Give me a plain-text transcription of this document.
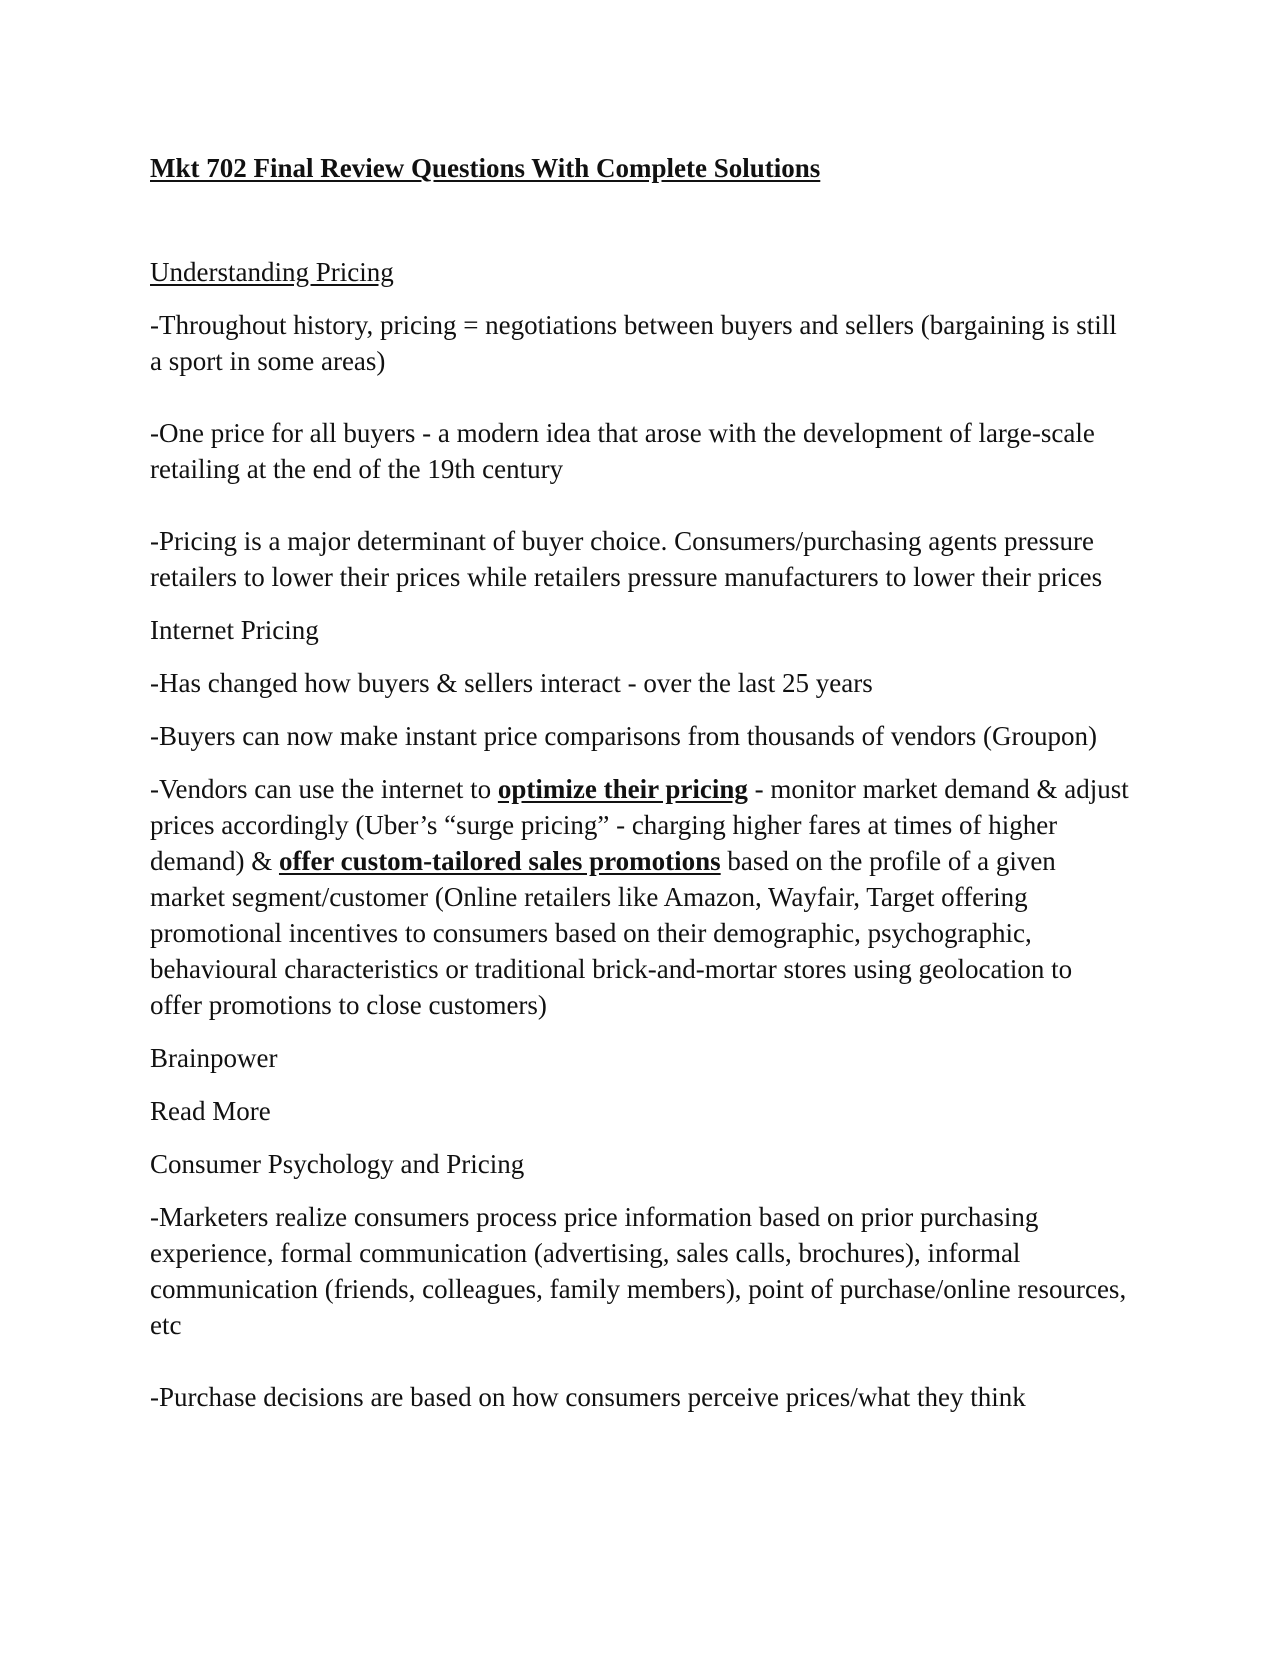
Mkt 702 Final Review Questions With Complete Solutions

Understanding Pricing

-Throughout history, pricing = negotiations between buyers and sellers (bargaining is still a sport in some areas)

-One price for all buyers - a modern idea that arose with the development of large-scale retailing at the end of the 19th century

-Pricing is a major determinant of buyer choice. Consumers/purchasing agents pressure retailers to lower their prices while retailers pressure manufacturers to lower their prices

Internet Pricing

-Has changed how buyers & sellers interact - over the last 25 years

-Buyers can now make instant price comparisons from thousands of vendors (Groupon)

-Vendors can use the internet to optimize their pricing - monitor market demand & adjust prices accordingly (Uber’s “surge pricing” - charging higher fares at times of higher demand) & offer custom-tailored sales promotions based on the profile of a given market segment/customer (Online retailers like Amazon, Wayfair, Target offering promotional incentives to consumers based on their demographic, psychographic, behavioural characteristics or traditional brick-and-mortar stores using geolocation to offer promotions to close customers)

Brainpower

Read More

Consumer Psychology and Pricing

-Marketers realize consumers process price information based on prior purchasing experience, formal communication (advertising, sales calls, brochures), informal communication (friends, colleagues, family members), point of purchase/online resources, etc

-Purchase decisions are based on how consumers perceive prices/what they think
